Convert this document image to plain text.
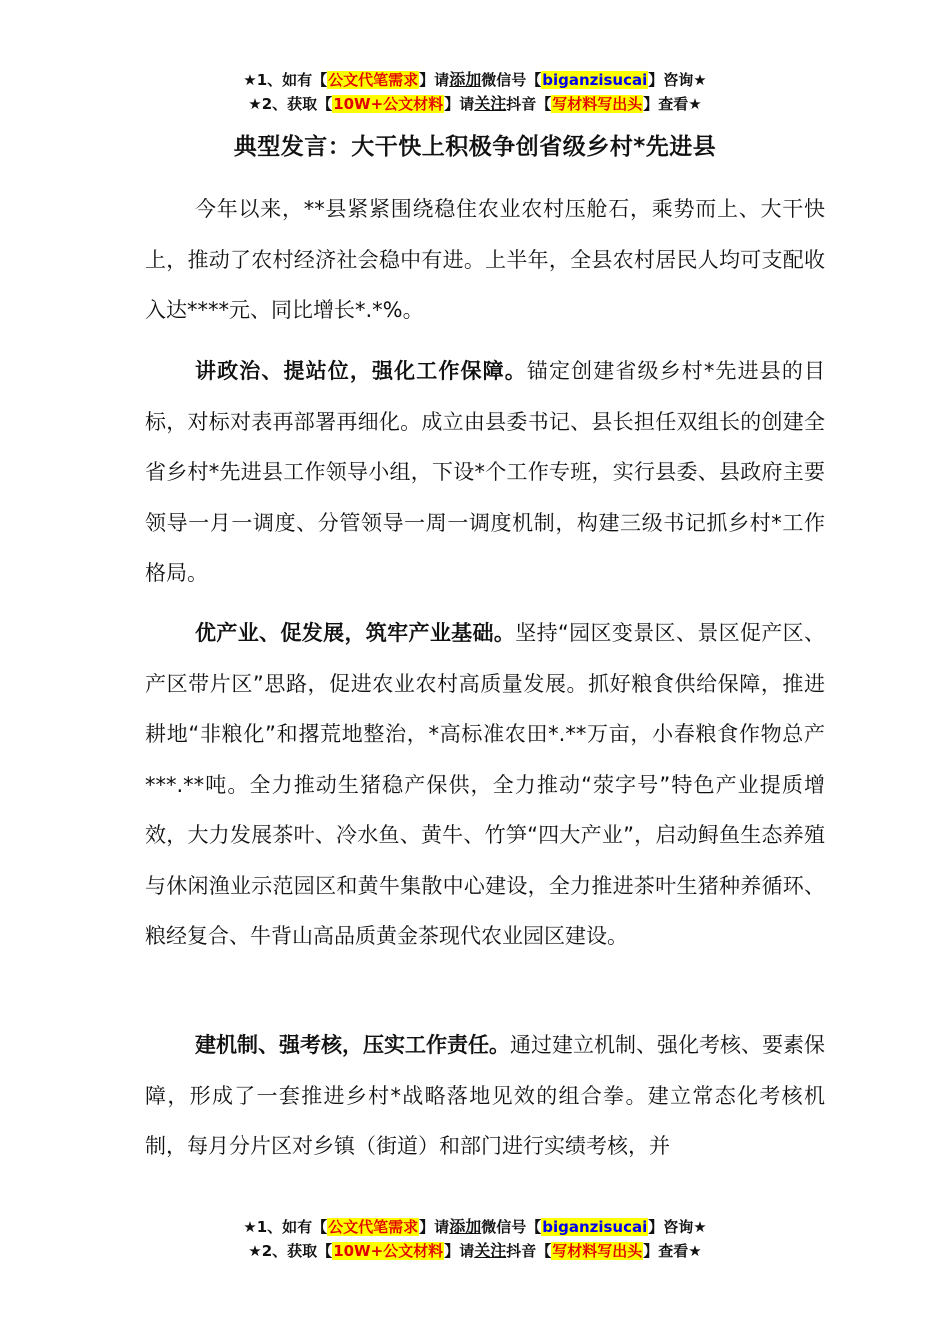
★1、如有【公文代笔需求】请添加微信号【biganzisucai】咨询★
★2、获取【10W+公文材料】请关注抖音【写材料写出头】查看★
典型发言：大干快上积极争创省级乡村*先进县

今年以来，**县紧紧围绕稳住农业农村压舱石，乘势而上、大干快上，推动了农村经济社会稳中有进。上半年，全县农村居民人均可支配收入达****元、同比增长*.*%。

讲政治、提站位，强化工作保障。锚定创建省级乡村*先进县的目标，对标对表再部署再细化。成立由县委书记、县长担任双组长的创建全省乡村*先进县工作领导小组，下设*个工作专班，实行县委、县政府主要领导一月一调度、分管领导一周一调度机制，构建三级书记抓乡村*工作格局。

优产业、促发展，筑牢产业基础。坚持“园区变景区、景区促产区、产区带片区”思路，促进农业农村高质量发展。抓好粮食供给保障，推进耕地“非粮化”和撂荒地整治，*高标准农田*.**万亩，小春粮食作物总产***.**吨。全力推动生猪稳产保供，全力推动“荥字号”特色产业提质增效，大力发展茶叶、冷水鱼、黄牛、竹笋“四大产业”，启动鲟鱼生态养殖与休闲渔业示范园区和黄牛集散中心建设，全力推进茶叶生猪种养循环、粮经复合、牛背山高品质黄金茶现代农业园区建设。

建机制、强考核，压实工作责任。通过建立机制、强化考核、要素保障，形成了一套推进乡村*战略落地见效的组合拳。建立常态化考核机制，每月分片区对乡镇（街道）和部门进行实绩考核，并

★1、如有【公文代笔需求】请添加微信号【biganzisucai】咨询★
★2、获取【10W+公文材料】请关注抖音【写材料写出头】查看★
